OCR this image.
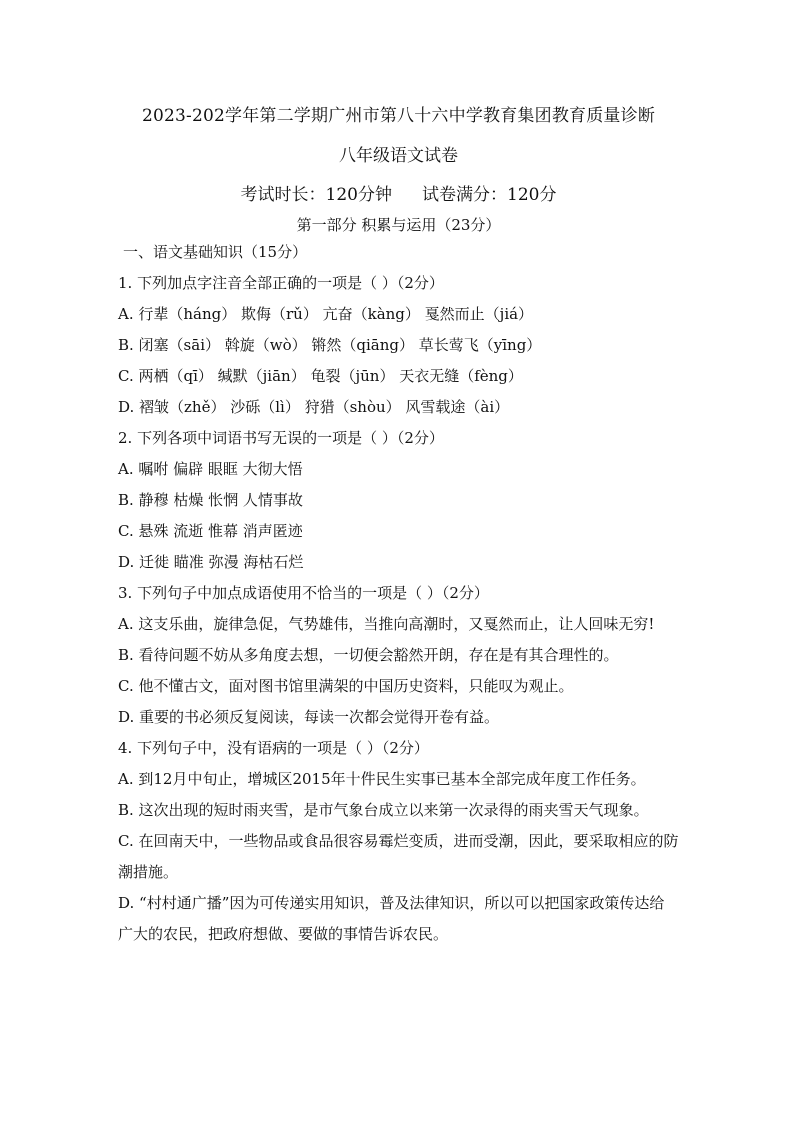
2023-202学年第二学期广州市第八十六中学教育集团教育质量诊断
八年级语文试卷
考试时长：120分钟 试卷满分：120分
第一部分 积累与运用（23分）
一、语文基础知识（15分）
1. 下列加点字注音全部正确的一项是（ ）（2分）
A. 行辈（háng） 欺侮（rǔ） 亢奋（kàng） 戛然而止（jiá）
B. 闭塞（sāi） 斡旋（wò） 锵然（qiāng） 草长莺飞（yīng）
C. 两栖（qī） 缄默（jiān） 龟裂（jūn） 天衣无缝（fèng）
D. 褶皱（zhě） 沙砾（lì） 狩猎（shòu） 风雪载途（ài）
2. 下列各项中词语书写无误的一项是（ ）（2分）
A. 嘱咐 偏辟 眼眶 大彻大悟
B. 静穆 枯燥 怅惘 人情事故
C. 悬殊 流逝 惟幕 消声匿迹
D. 迁徙 瞄准 弥漫 海枯石烂
3. 下列句子中加点成语使用不恰当的一项是（ ）（2分）
A. 这支乐曲，旋律急促，气势雄伟，当推向高潮时，又戛然而止，让人回味无穷!
B. 看待问题不妨从多角度去想，一切便会豁然开朗，存在是有其合理性的。
C. 他不懂古文，面对图书馆里满架的中国历史资料，只能叹为观止。
D. 重要的书必须反复阅读，每读一次都会觉得开卷有益。
4. 下列句子中，没有语病的一项是（ ）（2分）
A. 到12月中旬止，增城区2015年十件民生实事已基本全部完成年度工作任务。
B. 这次出现的短时雨夹雪，是市气象台成立以来第一次录得的雨夹雪天气现象。
C. 在回南天中，一些物品或食品很容易霉烂变质，进而受潮，因此，要采取相应的防潮措施。
D. “村村通广播”因为可传递实用知识，普及法律知识，所以可以把国家政策传达给广大的农民，把政府想做、要做的事情告诉农民。
